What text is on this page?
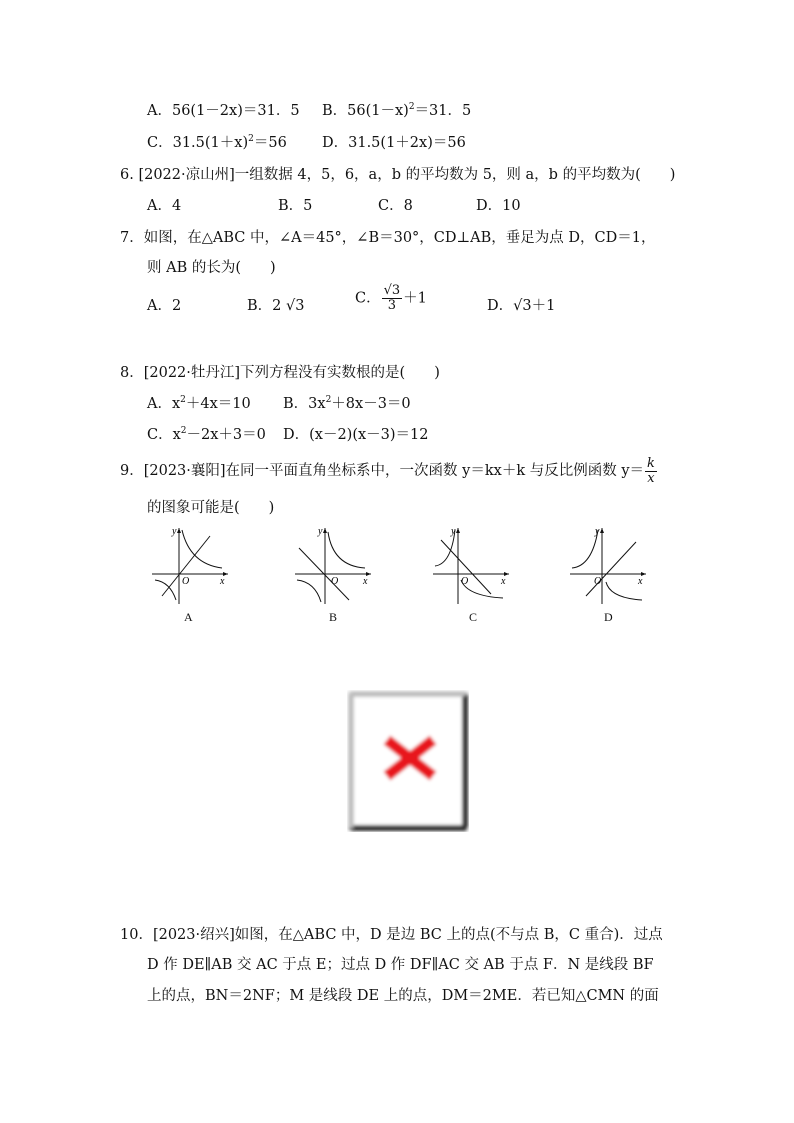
A．56(1－2x)＝31．5 B．$56(1-x)^2=31$．5
C．$31.5(1+x)^2=56$ D．31.5(1＋2x)＝56
6. [2022·凉山州]一组数据 4，5，6，a，b 的平均数为 5，则 a，b 的平均数为(　　)
A．4	B．5	C．8	D．10
7．如图，在△ABC 中，∠A＝45°，∠B＝30°，CD⊥AB，垂足为点 D，CD＝1，
则 AB 的长为(　　)
A．2	B．2 √3	C． $\frac{√3}{3} +1$	D．√3＋1
8．[2022·牡丹江]下列方程没有实数根的是(　　)
A．$x^2+4x=10$ B．$3x^2+8x-3=0$
C．$x^2-2x+3=0$ D．(x－2)(x－3)＝12
9．[2023·襄阳]在同一平面直角坐标系中，一次函数 y＝kx＋k 与反比例函数 $y= \frac{k}{x}$
的图象可能是(　　)
y
x
O
A
y
x
O
B
y
x
O
C
y
x
O
D
10．[2023·绍兴]如图，在△ABC 中，D 是边 BC 上的点(不与点 B，C 重合)．过点
D 作 DE∥AB 交 AC 于点 E；过点 D 作 DF∥AC 交 AB 于点 F．N 是线段 BF
上的点，BN＝2NF；M 是线段 DE 上的点，DM＝2ME．若已知△CMN 的面
